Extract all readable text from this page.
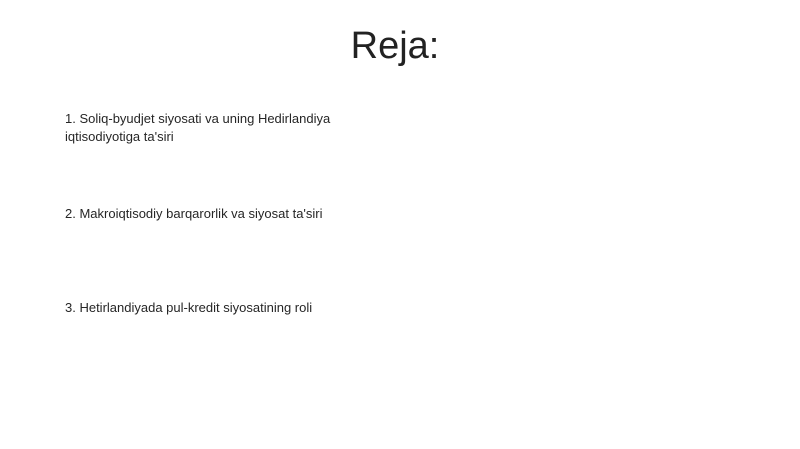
Reja:
1. Soliq-byudjet siyosati va uning Hedirlandiya iqtisodiyotiga ta'siri
2. Makroiqtisodiy barqarorlik va siyosat ta'siri
3. Hetirlandiyada pul-kredit siyosatining roli
